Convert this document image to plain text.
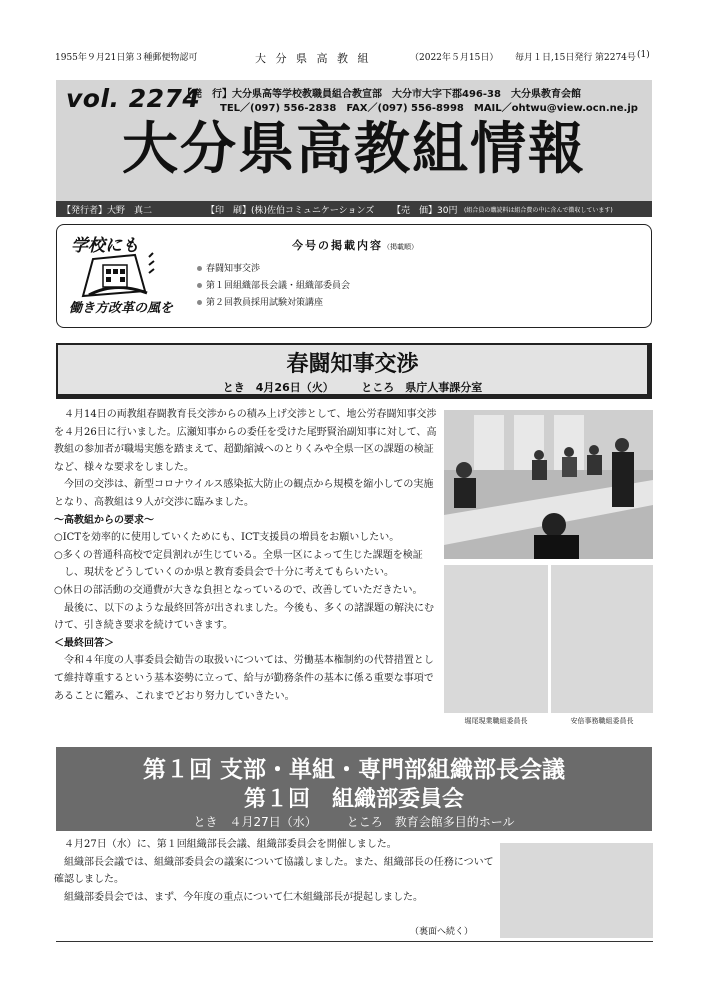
1955年９月21日第３種郵便物認可	大 分 県 高 教 組	（2022年５月15日） 毎月１日,15日発行 第2274号 (1)
vol. 2274
【発　行】大分県高等学校教職員組合教宣部　大分市大字下郡496-38　大分県教育会館
TEL／(097) 556-2838　FAX／(097) 556-8998　MAIL／ohtwu@view.ocn.ne.jp
大分県高教組情報
【発行者】大野　真二	【印　刷】(株)佐伯コミュニケーションズ 【売　価】30円 (組合員の購読料は組合費の中に含んで徴収しています)
学校にも
働き方改革の風を
今号の掲載内容（掲載順）
春闘知事交渉
第１回組織部長会議・組織部委員会
第２回教員採用試験対策講座
春闘知事交渉
とき　 4月26日（火）　　　	ところ　 県庁人事課分室

４月14日の両教組春闘教育長交渉からの積み上げ交渉として、地公労春闘知事交渉を４月26日に行いました。広瀬知事からの委任を受けた尾野賢治副知事に対して、高教組の参加者が職場実態を踏まえて、超勤縮減へのとりくみや全県一区の課題の検証など、様々な要求をしました。

今回の交渉は、新型コロナウイルス感染拡大防止の観点から規模を縮小しての実施となり、高教組は９人が交渉に臨みました。

～高教組からの要求～

○ICTを効率的に使用していくためにも、ICT支援員の増員をお願いしたい。

○多くの普通科高校で定員割れが生じている。全県一区によって生じた課題を検証し、現状をどうしていくのか県と教育委員会で十分に考えてもらいたい。

○休日の部活動の交通費が大きな負担となっているので、改善していただきたい。

最後に、以下のような最終回答が出されました。今後も、多くの諸課題の解決にむけて、引き続き要求を続けていきます。

＜最終回答＞

令和４年度の人事委員会勧告の取扱いについては、労働基本権制約の代替措置として維持尊重するという基本姿勢に立って、給与が勤務条件の基本に係る重要な事項であることに鑑み、これまでどおり努力していきたい。

堀尾現業職組委員長	安倍事務職組委員長
第１回 支部・単組・専門部組織部長会議
第１回　組織部委員会
とき　 ４月27日（水）　　　	ところ　 教育会館多目的ホール

４月27日（水）に、第１回組織部長会議、組織部委員会を開催しました。

組織部長会議では、組織部委員会の議案について協議しました。また、組織部長の任務について確認しました。

組織部委員会では、まず、今年度の重点について仁木組織部長が提起しました。

（裏面へ続く）
